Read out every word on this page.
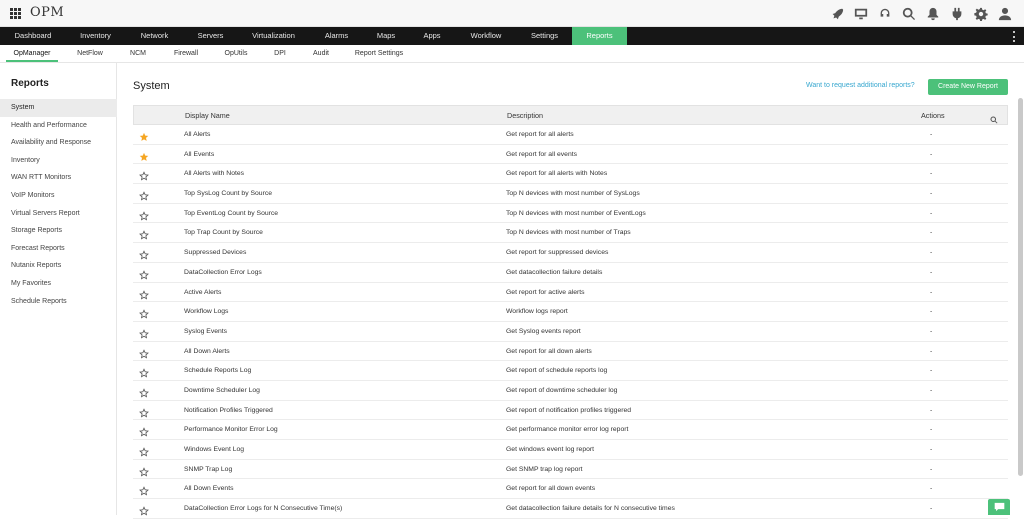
OPM
Dashboard	Inventory	Network	Servers	Virtualization	Alarms	Maps	Apps	Workflow	Settings	Reports
OpManager	NetFlow	NCM	Firewall	OpUtils	DPI	Audit	Report Settings
Reports
System
Health and Performance
Availability and Response
Inventory
WAN RTT Monitors
VoIP Monitors
Virtual Servers Report
Storage Reports
Forecast Reports
Nutanix Reports
My Favorites
Schedule Reports
System	Want to request additional reports?	Create New Report
Display Name	Description	Actions
All Alerts	Get report for all alerts	-
All Events	Get report for all events	-
All Alerts with Notes	Get report for all alerts with Notes	-
Top SysLog Count by Source	Top N devices with most number of SysLogs	-
Top EventLog Count by Source	Top N devices with most number of EventLogs	-
Top Trap Count by Source	Top N devices with most number of Traps	-
Suppressed Devices	Get report for suppressed devices	-
DataCollection Error Logs	Get datacollection failure details	-
Active Alerts	Get report for active alerts	-
Workflow Logs	Workflow logs report	-
Syslog Events	Get Syslog events report	-
All Down Alerts	Get report for all down alerts	-
Schedule Reports Log	Get report of schedule reports log	-
Downtime Scheduler Log	Get report of downtime scheduler log	-
Notification Profiles Triggered	Get report of notification profiles triggered	-
Performance Monitor Error Log	Get performance monitor error log report	-
Windows Event Log	Get windows event log report	-
SNMP Trap Log	Get SNMP trap log report	-
All Down Events	Get report for all down events	-
DataCollection Error Logs for N Consecutive Time(s)	Get datacollection failure details for N consecutive times	-
